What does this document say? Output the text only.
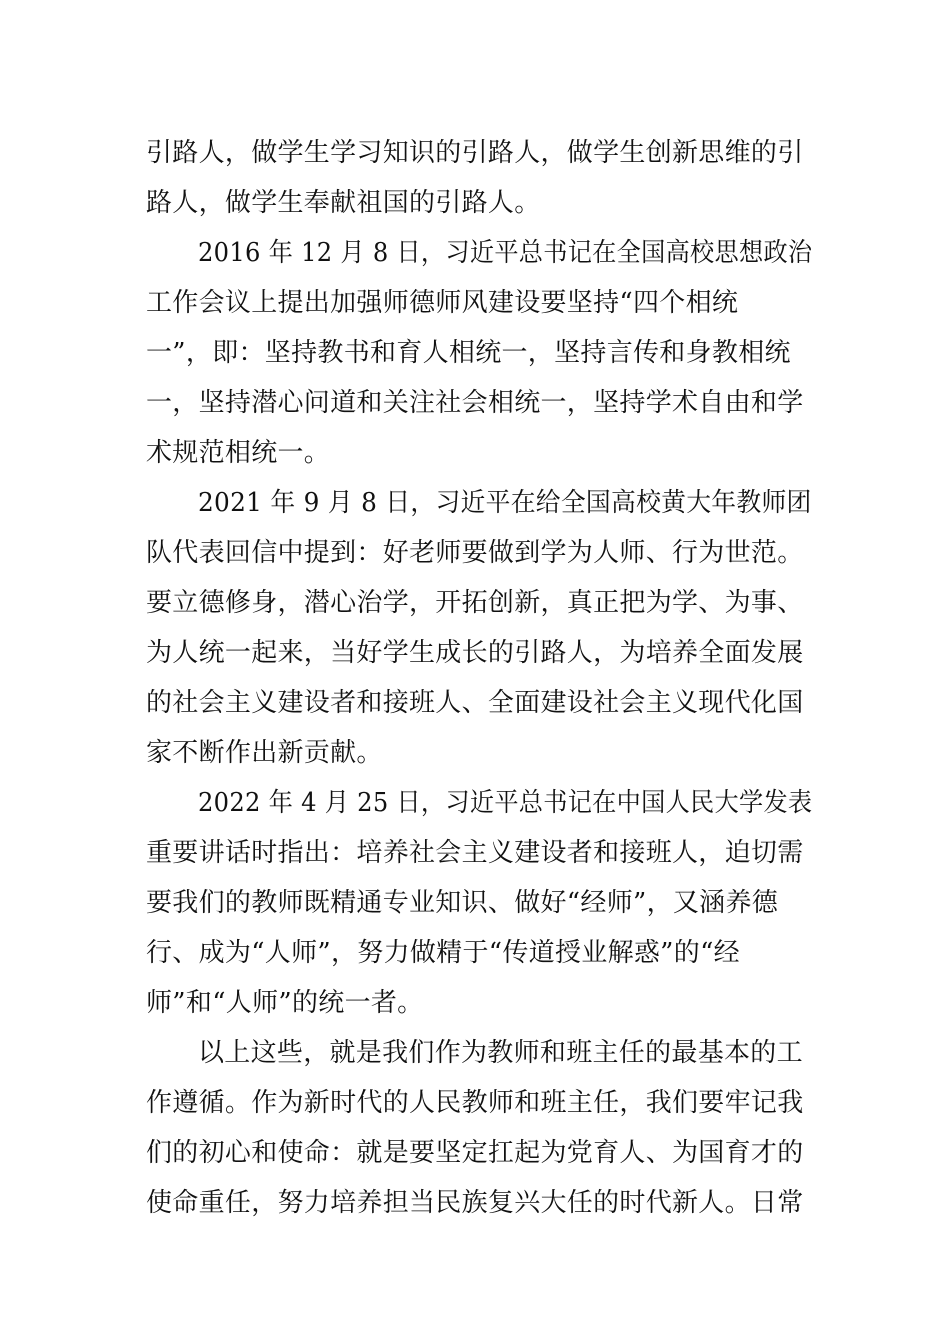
引路人，做学生学习知识的引路人，做学生创新思维的引
路人，做学生奉献祖国的引路人。
2016 年 12 月 8 日，习近平总书记在全国高校思想政治
工作会议上提出加强师德师风建设要坚持“四个相统
一”，即：坚持教书和育人相统一，坚持言传和身教相统
一，坚持潜心问道和关注社会相统一，坚持学术自由和学
术规范相统一。
2021 年 9 月 8 日，习近平在给全国高校黄大年教师团
队代表回信中提到：好老师要做到学为人师、行为世范。
要立德修身，潜心治学，开拓创新，真正把为学、为事、
为人统一起来，当好学生成长的引路人，为培养全面发展
的社会主义建设者和接班人、全面建设社会主义现代化国
家不断作出新贡献。
2022 年 4 月 25 日，习近平总书记在中国人民大学发表
重要讲话时指出：培养社会主义建设者和接班人，迫切需
要我们的教师既精通专业知识、做好“经师”，又涵养德
行、成为“人师”，努力做精于“传道授业解惑”的“经
师”和“人师”的统一者。
以上这些，就是我们作为教师和班主任的最基本的工
作遵循。作为新时代的人民教师和班主任，我们要牢记我
们的初心和使命：就是要坚定扛起为党育人、为国育才的
使命重任，努力培养担当民族复兴大任的时代新人。日常
